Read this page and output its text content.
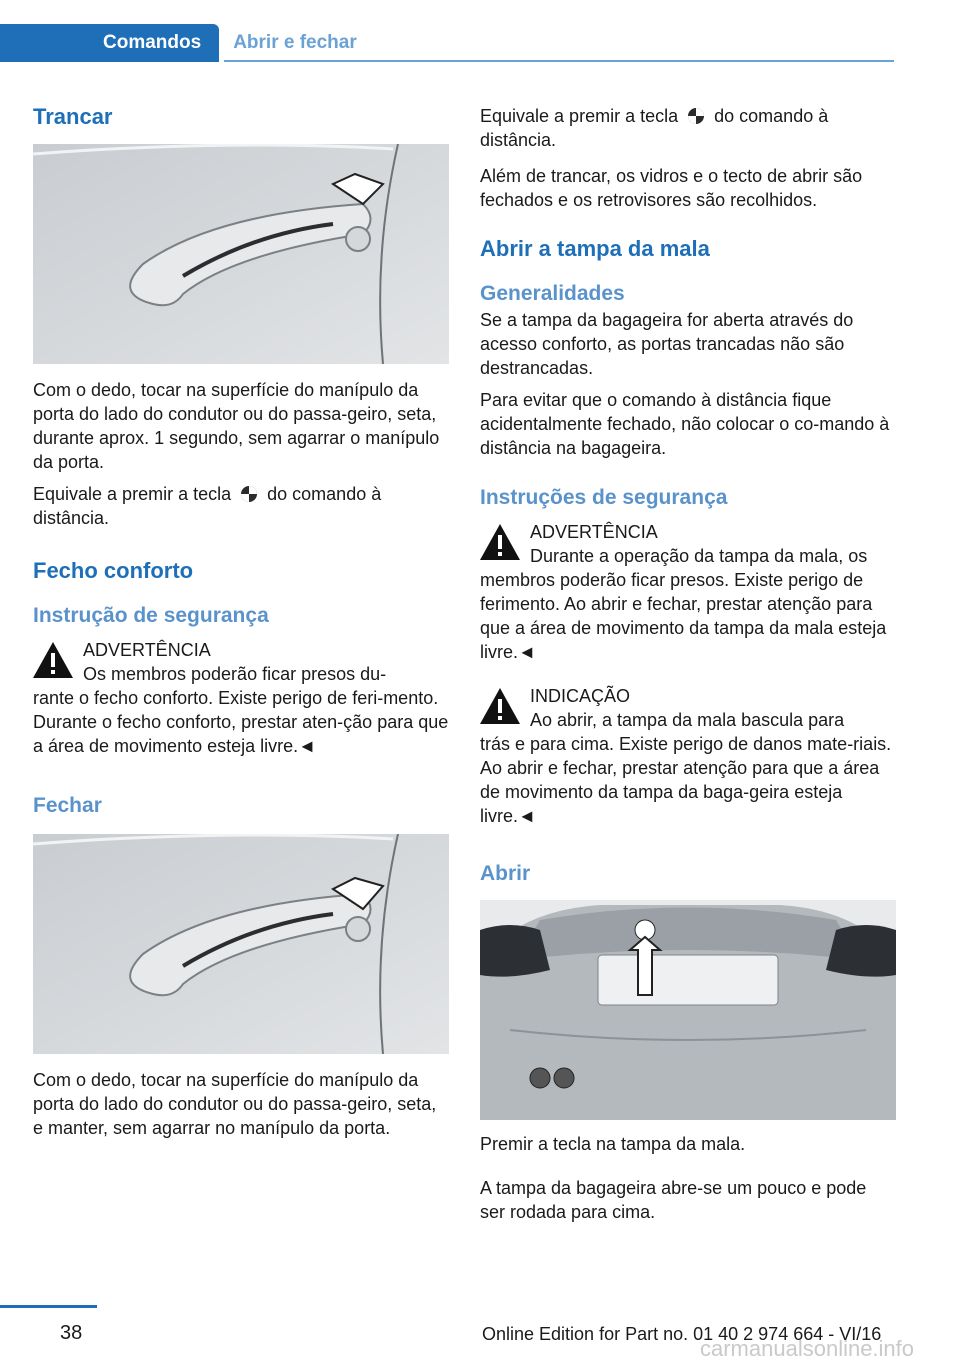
Comandos	Abrir e fechar
Trancar

Com o dedo, tocar na superfície do manípulo da porta do lado do condutor ou do passa-geiro, seta, durante aprox. 1 segundo, sem agarrar o manípulo da porta.

Equivale a premir a tecla do comando à distância.

Fecho conforto
Instrução de segurança

ADVERTÊNCIA

Os membros poderão ficar presos du-

rante o fecho conforto. Existe perigo de feri-mento. Durante o fecho conforto, prestar aten-ção para que a área de movimento esteja livre.◄

Fechar

Com o dedo, tocar na superfície do manípulo da porta do lado do condutor ou do passa-geiro, seta, e manter, sem agarrar no manípulo da porta.

Equivale a premir a tecla do comando à distância.

Além de trancar, os vidros e o tecto de abrir são fechados e os retrovisores são recolhidos.

Abrir a tampa da mala
Generalidades

Se a tampa da bagageira for aberta através do acesso conforto, as portas trancadas não são destrancadas.

Para evitar que o comando à distância fique acidentalmente fechado, não colocar o co-mando à distância na bagageira.

Instruções de segurança

ADVERTÊNCIA

Durante a operação da tampa da mala, os

membros poderão ficar presos. Existe perigo de ferimento. Ao abrir e fechar, prestar atenção para que a área de movimento da tampa da mala esteja livre.◄

INDICAÇÃO

Ao abrir, a tampa da mala bascula para

trás e para cima. Existe perigo de danos mate-riais. Ao abrir e fechar, prestar atenção para que a área de movimento da tampa da baga-geira esteja livre.◄

Abrir

Premir a tecla na tampa da mala.

A tampa da bagageira abre-se um pouco e pode ser rodada para cima.

38	Online Edition for Part no. 01 40 2 974 664 - VI/16
carmanualsonline.info
